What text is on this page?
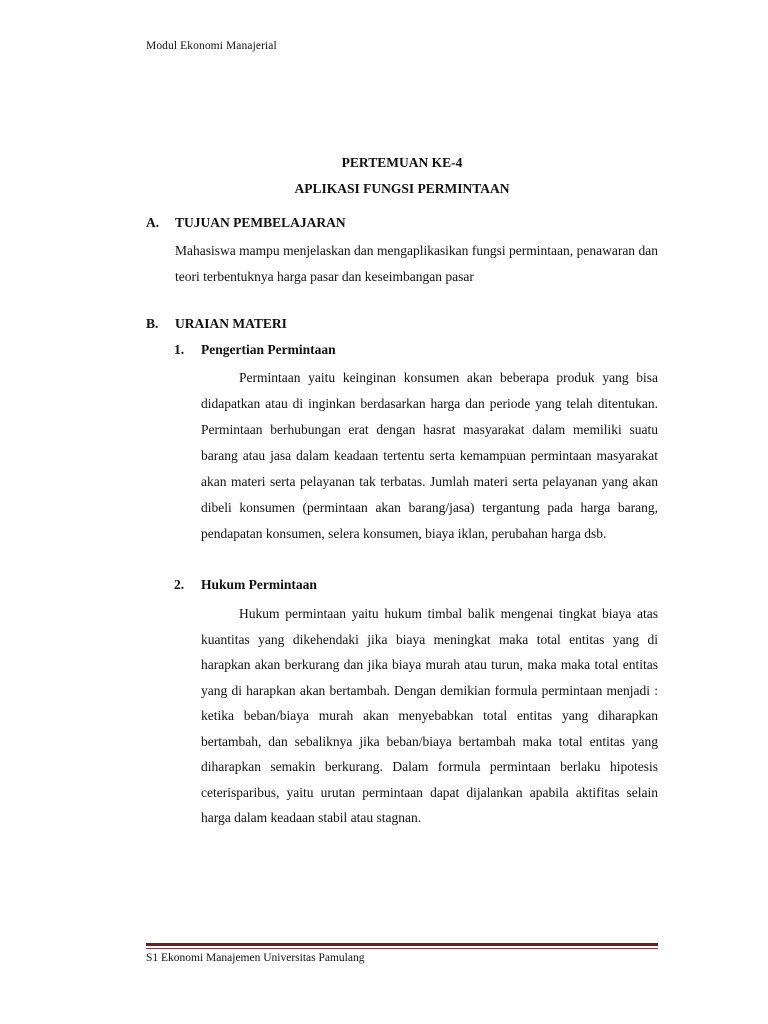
Modul Ekonomi Manajerial
PERTEMUAN KE-4
APLIKASI FUNGSI PERMINTAAN
A. TUJUAN PEMBELAJARAN
Mahasiswa mampu menjelaskan dan mengaplikasikan fungsi permintaan, penawaran dan teori terbentuknya harga pasar dan keseimbangan pasar
B. URAIAN MATERI
1. Pengertian Permintaan
Permintaan yaitu keinginan konsumen akan beberapa produk yang bisa didapatkan atau di inginkan berdasarkan harga dan periode yang telah ditentukan. Permintaan berhubungan erat dengan hasrat masyarakat dalam memiliki suatu barang atau jasa dalam keadaan tertentu serta kemampuan permintaan masyarakat akan materi serta pelayanan tak terbatas. Jumlah materi serta pelayanan yang akan dibeli konsumen (permintaan akan barang/jasa) tergantung pada harga barang, pendapatan konsumen, selera konsumen, biaya iklan, perubahan harga dsb.
2. Hukum Permintaan
Hukum permintaan yaitu hukum timbal balik mengenai tingkat biaya atas kuantitas yang dikehendaki jika biaya meningkat maka total entitas yang di harapkan akan berkurang dan jika biaya murah atau turun, maka maka total entitas yang di harapkan akan bertambah. Dengan demikian formula permintaan menjadi : ketika beban/biaya murah akan menyebabkan total entitas yang diharapkan bertambah, dan sebaliknya jika beban/biaya bertambah maka total entitas yang diharapkan semakin berkurang. Dalam formula permintaan berlaku hipotesis ceterisparibus, yaitu urutan permintaan dapat dijalankan apabila aktifitas selain harga dalam keadaan stabil atau stagnan.
S1 Ekonomi Manajemen Universitas Pamulang
